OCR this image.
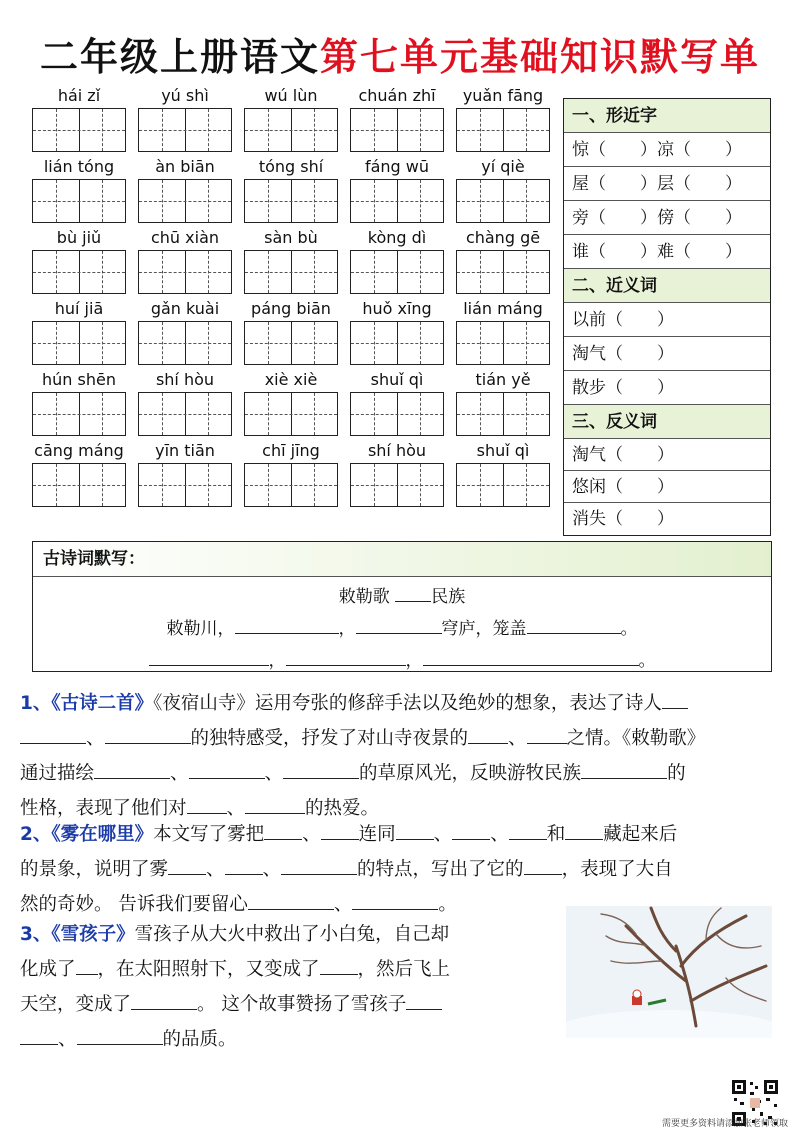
二年级上册语文第七单元基础知识默写单
hái zǐ	yú shì	wú lùn	chuán zhī	yuǎn fāng
lián tóng	àn biān	tóng shí	fáng wū	yí qiè
bù jiǔ	chū xiàn	sàn bù	kòng dì	chàng gē
huí jiā	gǎn kuài	páng biān	huǒ xīng	lián máng
hún shēn	shí hòu	xiè xiè	shuǐ qì	tián yě
cāng máng	yīn tiān	chī jīng	shí hòu	shuǐ qì
一、形近字
惊（　　）凉（　　）
屋（　　）层（　　）
旁（　　）傍（　　）
谁（　　）难（　　）
二、近义词
以前（　　）
淘气（　　）
散步（　　）
三、反义词
淘气（　　）
悠闲（　　）
消失（　　）
古诗词默写：
敕勒歌 民族
敕勒川，	，	穹庐，笼盖	。
，	，	。
1、《古诗二首》《夜宿山寺》运用夸张的修辞手法以及绝妙的想象，表达了诗人
、	的独特感受，抒发了对山寺夜景的 、 之情。《敕勒歌》
通过描绘	、	、	的草原风光，反映游牧民族	的
性格，表现了他们对 、	的热爱。
2、《雾在哪里》本文写了雾把 、 连同 、 、 和 藏起来后
的景象，说明了雾 、 、	的特点，写出了它的 ，表现了大自
然的奇妙。 告诉我们要留心	、	。
3、《雪孩子》雪孩子从大火中救出了小白兔，自己却
化成了 ，在太阳照射下，又变成了 ，然后飞上
天空，变成了	。 这个故事赞扬了雪孩子
、	的品质。
需要更多资料请添加张老师领取
